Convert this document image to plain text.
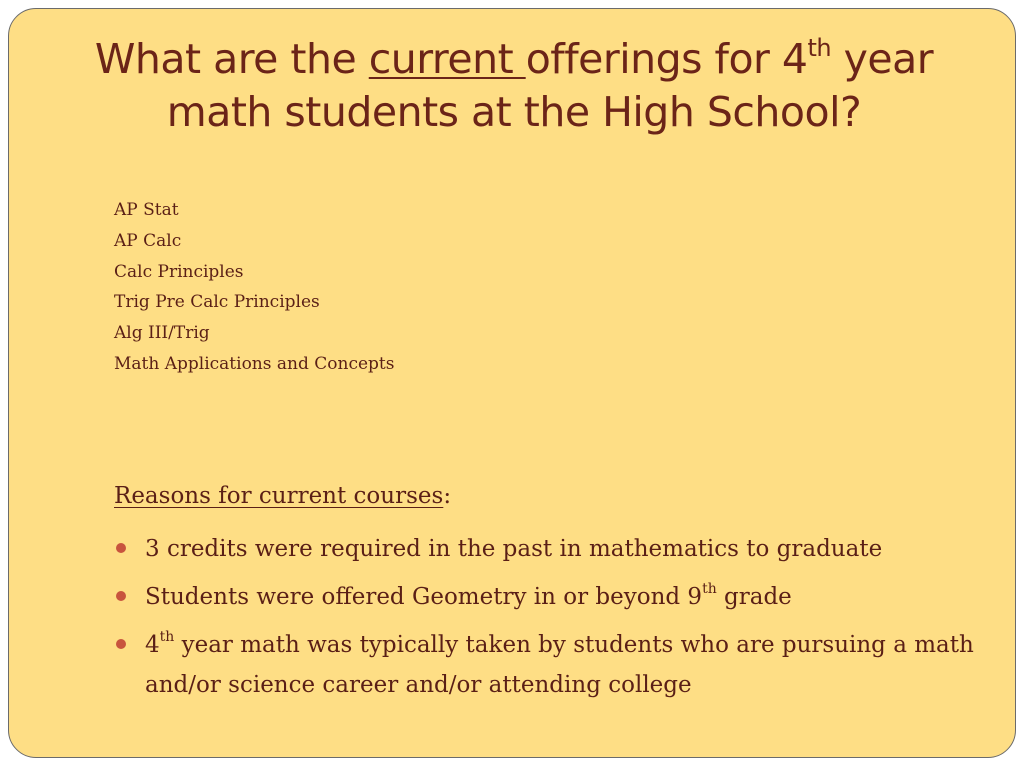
What are the current offerings for 4th year math students at the High School?
AP Stat
AP Calc
Calc Principles
Trig Pre Calc Principles
Alg III/Trig
Math Applications and Concepts

Reasons for current courses:

3 credits were required in the past in mathematics to graduate
Students were offered Geometry in or beyond 9th grade
4th year math was typically taken by students who are pursuing a math and/or science career and/or attending college
